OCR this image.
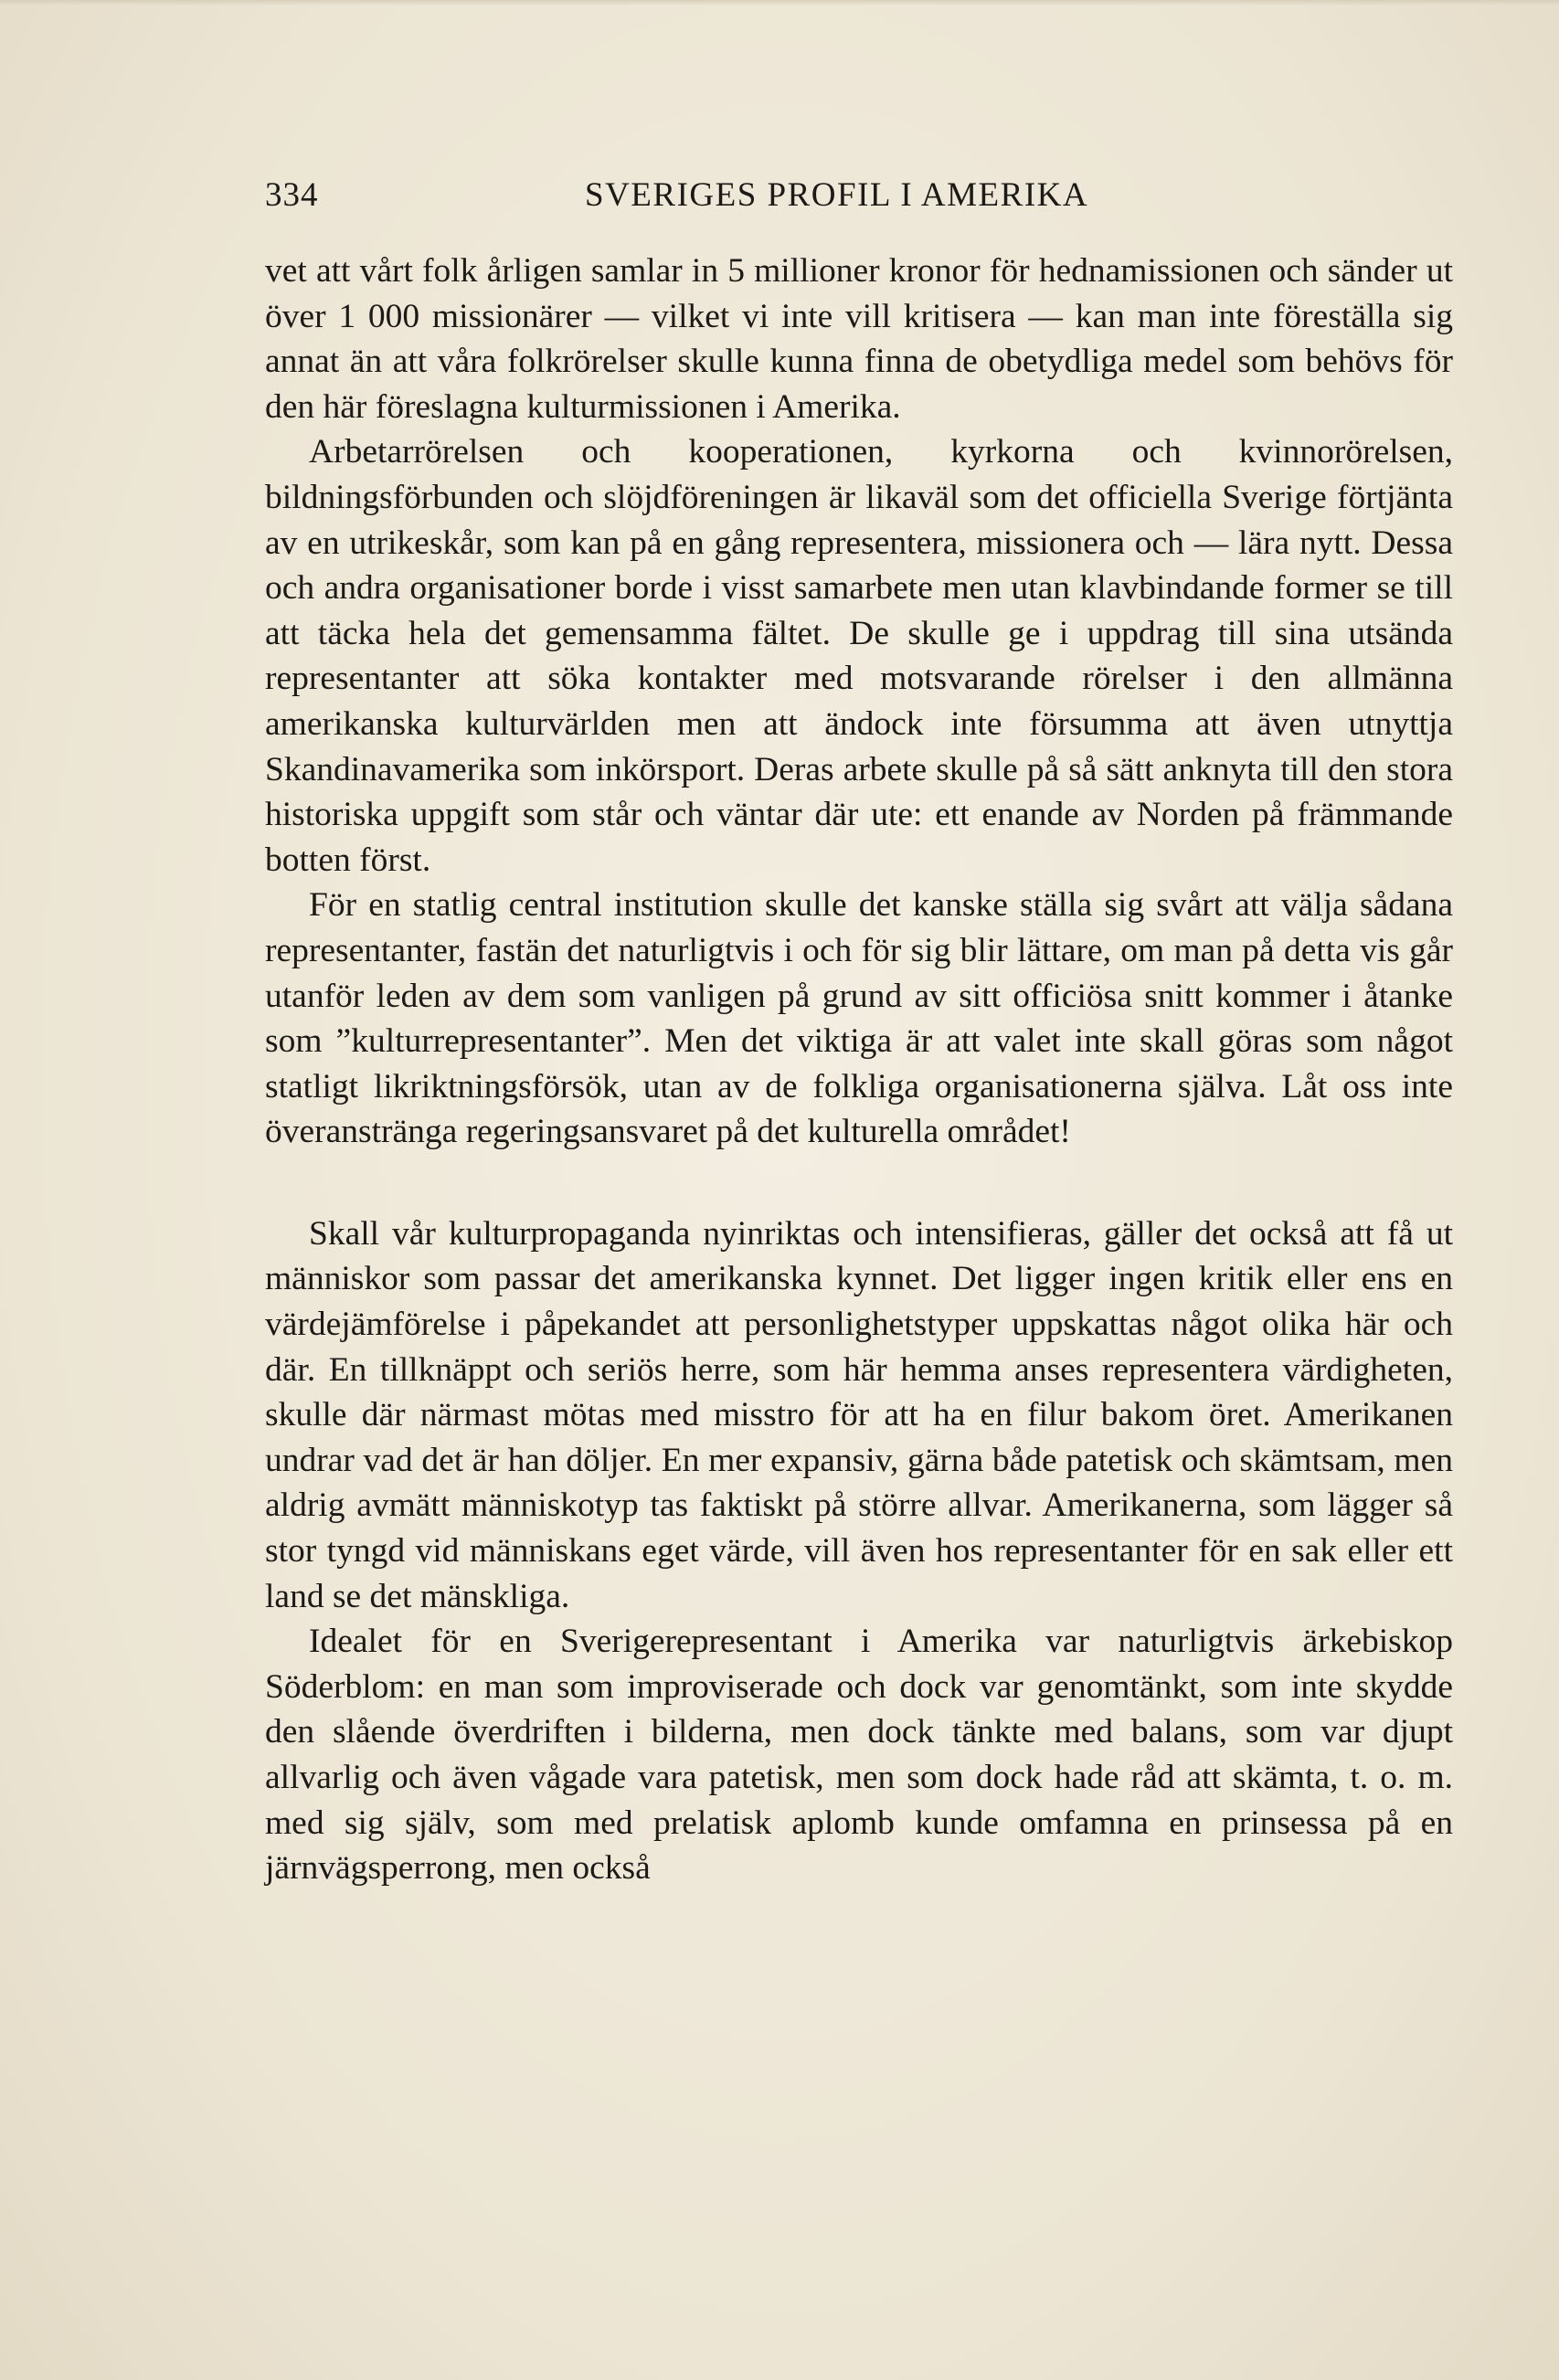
334	SVERIGES PROFIL I AMERIKA

vet att vårt folk årligen samlar in 5 millioner kronor för hednamissionen och sänder ut över 1 000 missionärer — vilket vi inte vill kritisera — kan man inte föreställa sig annat än att våra folkrörelser skulle kunna finna de obetydliga medel som behövs för den här föreslagna kulturmissionen i Amerika.

Arbetarrörelsen och kooperationen, kyrkorna och kvinnorörelsen, bildningsförbunden och slöjdföreningen är likaväl som det officiella Sverige förtjänta av en utrikeskår, som kan på en gång representera, missionera och — lära nytt. Dessa och andra organisationer borde i visst samarbete men utan klavbindande former se till att täcka hela det gemensamma fältet. De skulle ge i uppdrag till sina utsända representanter att söka kontakter med motsvarande rörelser i den allmänna amerikanska kulturvärlden men att ändock inte försumma att även utnyttja Skandinavamerika som inkörsport. Deras arbete skulle på så sätt anknyta till den stora historiska uppgift som står och väntar där ute: ett enande av Norden på främmande botten först.

För en statlig central institution skulle det kanske ställa sig svårt att välja sådana representanter, fastän det naturligtvis i och för sig blir lättare, om man på detta vis går utanför leden av dem som vanligen på grund av sitt officiösa snitt kommer i åtanke som ”kulturrepresentanter”. Men det viktiga är att valet inte skall göras som något statligt likriktningsförsök, utan av de folkliga organisationerna själva. Låt oss inte överanstränga regeringsansvaret på det kulturella området!

Skall vår kulturpropaganda nyinriktas och intensifieras, gäller det också att få ut människor som passar det amerikanska kynnet. Det ligger ingen kritik eller ens en värdejämförelse i påpekandet att personlighetstyper uppskattas något olika här och där. En tillknäppt och seriös herre, som här hemma anses representera värdigheten, skulle där närmast mötas med misstro för att ha en filur bakom öret. Amerikanen undrar vad det är han döljer. En mer expansiv, gärna både patetisk och skämtsam, men aldrig avmätt människotyp tas faktiskt på större allvar. Amerikanerna, som lägger så stor tyngd vid människans eget värde, vill även hos representanter för en sak eller ett land se det mänskliga.

Idealet för en Sverigerepresentant i Amerika var naturligtvis ärkebiskop Söderblom: en man som improviserade och dock var genomtänkt, som inte skydde den slående överdriften i bilderna, men dock tänkte med balans, som var djupt allvarlig och även vågade vara patetisk, men som dock hade råd att skämta, t. o. m. med sig själv, som med prelatisk aplomb kunde omfamna en prinsessa på en järnvägsperrong, men också
